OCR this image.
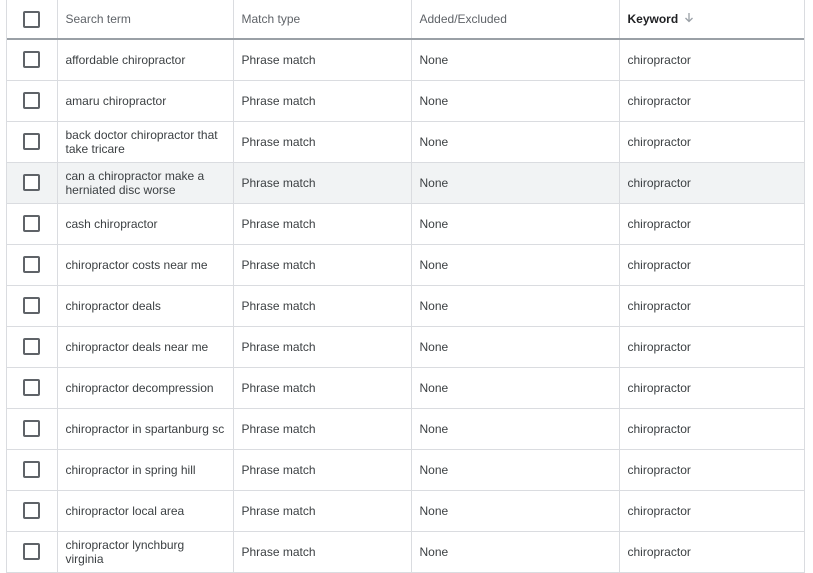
	Search term	Match type	Added/Excluded	Keyword
	affordable chiropractor	Phrase match	None	chiropractor
	amaru chiropractor	Phrase match	None	chiropractor
	back doctor chiropractor that take tricare	Phrase match	None	chiropractor
	can a chiropractor make a herniated disc worse	Phrase match	None	chiropractor
	cash chiropractor	Phrase match	None	chiropractor
	chiropractor costs near me	Phrase match	None	chiropractor
	chiropractor deals	Phrase match	None	chiropractor
	chiropractor deals near me	Phrase match	None	chiropractor
	chiropractor decompression	Phrase match	None	chiropractor
	chiropractor in spartanburg sc	Phrase match	None	chiropractor
	chiropractor in spring hill	Phrase match	None	chiropractor
	chiropractor local area	Phrase match	None	chiropractor
	chiropractor lynchburg virginia	Phrase match	None	chiropractor
